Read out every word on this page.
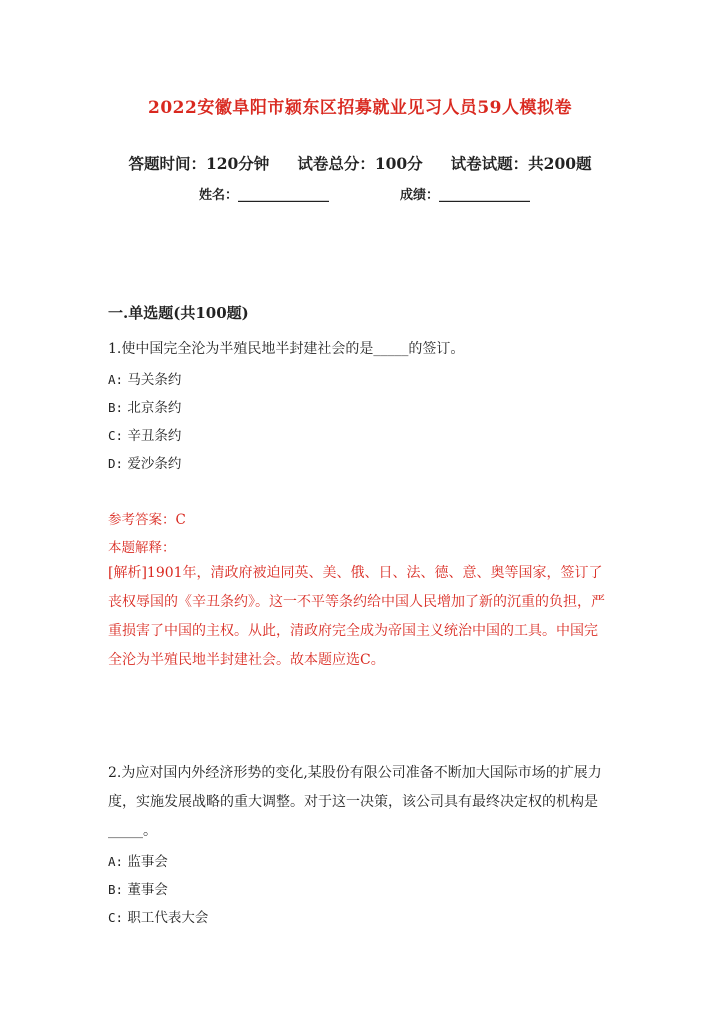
2022安徽阜阳市颍东区招募就业见习人员59人模拟卷
答题时间：120分钟 试卷总分：100分 试卷试题：共200题
姓名：______________	成绩：______________
一.单选题(共100题)
1.使中国完全沦为半殖民地半封建社会的是_____的签订。
A: 马关条约
B: 北京条约
C: 辛丑条约
D: 爱沙条约
参考答案：C
本题解释：
[解析]1901年，清政府被迫同英、美、俄、日、法、德、意、奥等国家，签订了丧权辱国的《辛丑条约》。这一不平等条约给中国人民增加了新的沉重的负担，严重损害了中国的主权。从此，清政府完全成为帝国主义统治中国的工具。中国完全沦为半殖民地半封建社会。故本题应选C。
2.为应对国内外经济形势的变化,某股份有限公司准备不断加大国际市场的扩展力度，实施发展战略的重大调整。对于这一决策，该公司具有最终决定权的机构是_____。
A: 监事会
B: 董事会
C: 职工代表大会
